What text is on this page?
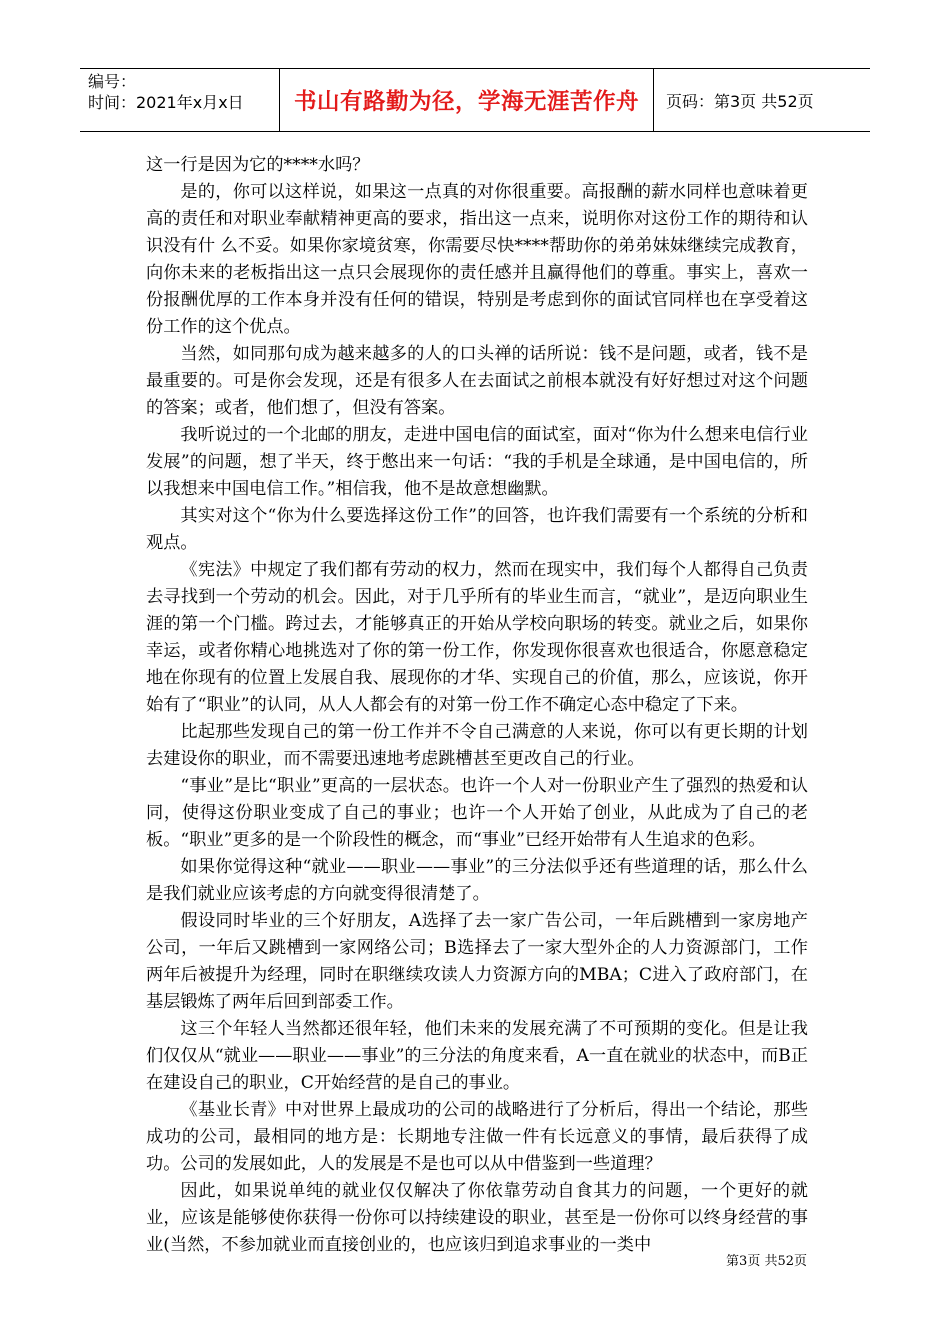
编号：
时间：2021年x月x日	书山有路勤为径，学海无涯苦作舟 页码：第3页 共52页

这一行是因为它的****水吗？

是的，你可以这样说，如果这一点真的对你很重要。高报酬的薪水同样也意味着更高的责任和对职业奉献精神更高的要求，指出这一点来，说明你对这份工作的期待和认识没有什 么不妥。如果你家境贫寒，你需要尽快****帮助你的弟弟妹妹继续完成教育，向你未来的老板指出这一点只会展现你的责任感并且赢得他们的尊重。事实上，喜欢一份报酬优厚的工作本身并没有任何的错误，特别是考虑到你的面试官同样也在享受着这份工作的这个优点。

当然，如同那句成为越来越多的人的口头禅的话所说：钱不是问题，或者，钱不是最重要的。可是你会发现，还是有很多人在去面试之前根本就没有好好想过对这个问题的答案；或者，他们想了，但没有答案。

我听说过的一个北邮的朋友，走进中国电信的面试室，面对“你为什么想来电信行业发展”的问题，想了半天，终于憋出来一句话：“我的手机是全球通，是中国电信的，所以我想来中国电信工作。”相信我，他不是故意想幽默。

其实对这个“你为什么要选择这份工作”的回答，也许我们需要有一个系统的分析和观点。

《宪法》中规定了我们都有劳动的权力，然而在现实中，我们每个人都得自己负责去寻找到一个劳动的机会。因此，对于几乎所有的毕业生而言，“就业”，是迈向职业生涯的第一个门槛。跨过去，才能够真正的开始从学校向职场的转变。就业之后，如果你幸运，或者你精心地挑选对了你的第一份工作，你发现你很喜欢也很适合，你愿意稳定地在你现有的位置上发展自我、展现你的才华、实现自己的价值，那么，应该说，你开始有了“职业”的认同，从人人都会有的对第一份工作不确定心态中稳定了下来。

比起那些发现自己的第一份工作并不令自己满意的人来说，你可以有更长期的计划去建设你的职业，而不需要迅速地考虑跳槽甚至更改自己的行业。

“事业”是比“职业”更高的一层状态。也许一个人对一份职业产生了强烈的热爱和认同，使得这份职业变成了自己的事业；也许一个人开始了创业，从此成为了自己的老板。“职业”更多的是一个阶段性的概念，而“事业”已经开始带有人生追求的色彩。

如果你觉得这种“就业——职业——事业”的三分法似乎还有些道理的话，那么什么是我们就业应该考虑的方向就变得很清楚了。

假设同时毕业的三个好朋友，A选择了去一家广告公司，一年后跳槽到一家房地产公司，一年后又跳槽到一家网络公司；B选择去了一家大型外企的人力资源部门，工作两年后被提升为经理，同时在职继续攻读人力资源方向的MBA；C进入了政府部门，在基层锻炼了两年后回到部委工作。

这三个年轻人当然都还很年轻，他们未来的发展充满了不可预期的变化。但是让我们仅仅从“就业——职业——事业”的三分法的角度来看，A一直在就业的状态中，而B正在建设自己的职业，C开始经营的是自己的事业。

《基业长青》中对世界上最成功的公司的战略进行了分析后，得出一个结论，那些成功的公司，最相同的地方是：长期地专注做一件有长远意义的事情，最后获得了成功。公司的发展如此，人的发展是不是也可以从中借鉴到一些道理？

因此，如果说单纯的就业仅仅解决了你依靠劳动自食其力的问题，一个更好的就业，应该是能够使你获得一份你可以持续建设的职业，甚至是一份你可以终身经营的事业(当然，不参加就业而直接创业的，也应该归到追求事业的一类中

第3页 共52页
